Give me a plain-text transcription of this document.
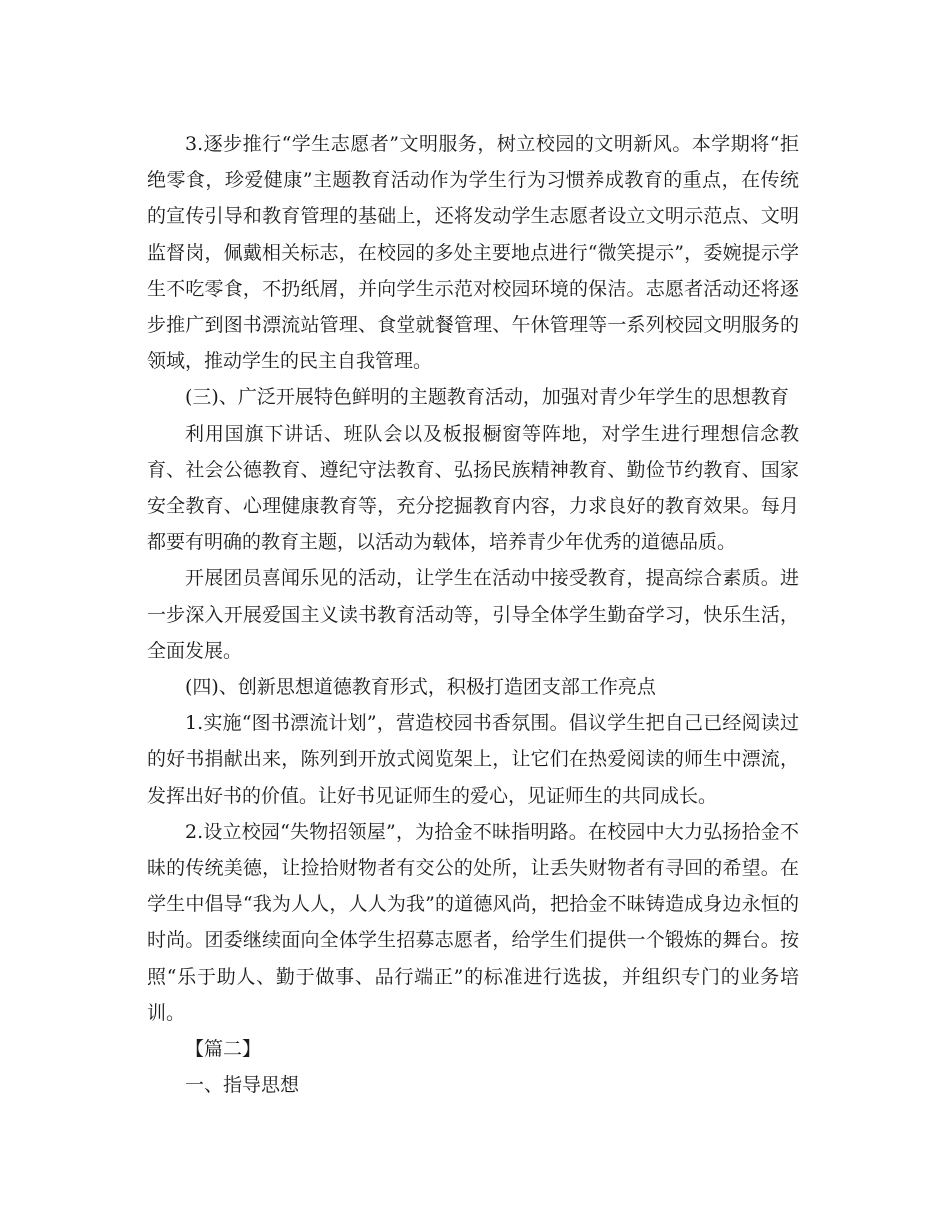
3.逐步推行“学生志愿者”文明服务，树立校园的文明新风。本学期将“拒绝零食，珍爱健康”主题教育活动作为学生行为习惯养成教育的重点，在传统的宣传引导和教育管理的基础上，还将发动学生志愿者设立文明示范点、文明监督岗，佩戴相关标志，在校园的多处主要地点进行“微笑提示”，委婉提示学生不吃零食，不扔纸屑，并向学生示范对校园环境的保洁。志愿者活动还将逐步推广到图书漂流站管理、食堂就餐管理、午休管理等一系列校园文明服务的领域，推动学生的民主自我管理。

(三)、广泛开展特色鲜明的主题教育活动，加强对青少年学生的思想教育

利用国旗下讲话、班队会以及板报橱窗等阵地，对学生进行理想信念教育、社会公德教育、遵纪守法教育、弘扬民族精神教育、勤俭节约教育、国家安全教育、心理健康教育等，充分挖掘教育内容，力求良好的教育效果。每月都要有明确的教育主题，以活动为载体，培养青少年优秀的道德品质。

开展团员喜闻乐见的活动，让学生在活动中接受教育，提高综合素质。进一步深入开展爱国主义读书教育活动等，引导全体学生勤奋学习，快乐生活，全面发展。

(四)、创新思想道德教育形式，积极打造团支部工作亮点

1.实施“图书漂流计划”，营造校园书香氛围。倡议学生把自己已经阅读过的好书捐献出来，陈列到开放式阅览架上，让它们在热爱阅读的师生中漂流，发挥出好书的价值。让好书见证师生的爱心，见证师生的共同成长。

2.设立校园“失物招领屋”，为拾金不昧指明路。在校园中大力弘扬拾金不昧的传统美德，让捡拾财物者有交公的处所，让丢失财物者有寻回的希望。在学生中倡导“我为人人，人人为我”的道德风尚，把拾金不昧铸造成身边永恒的时尚。团委继续面向全体学生招募志愿者，给学生们提供一个锻炼的舞台。按照“乐于助人、勤于做事、品行端正”的标准进行选拔，并组织专门的业务培训。

【篇二】

一、指导思想
